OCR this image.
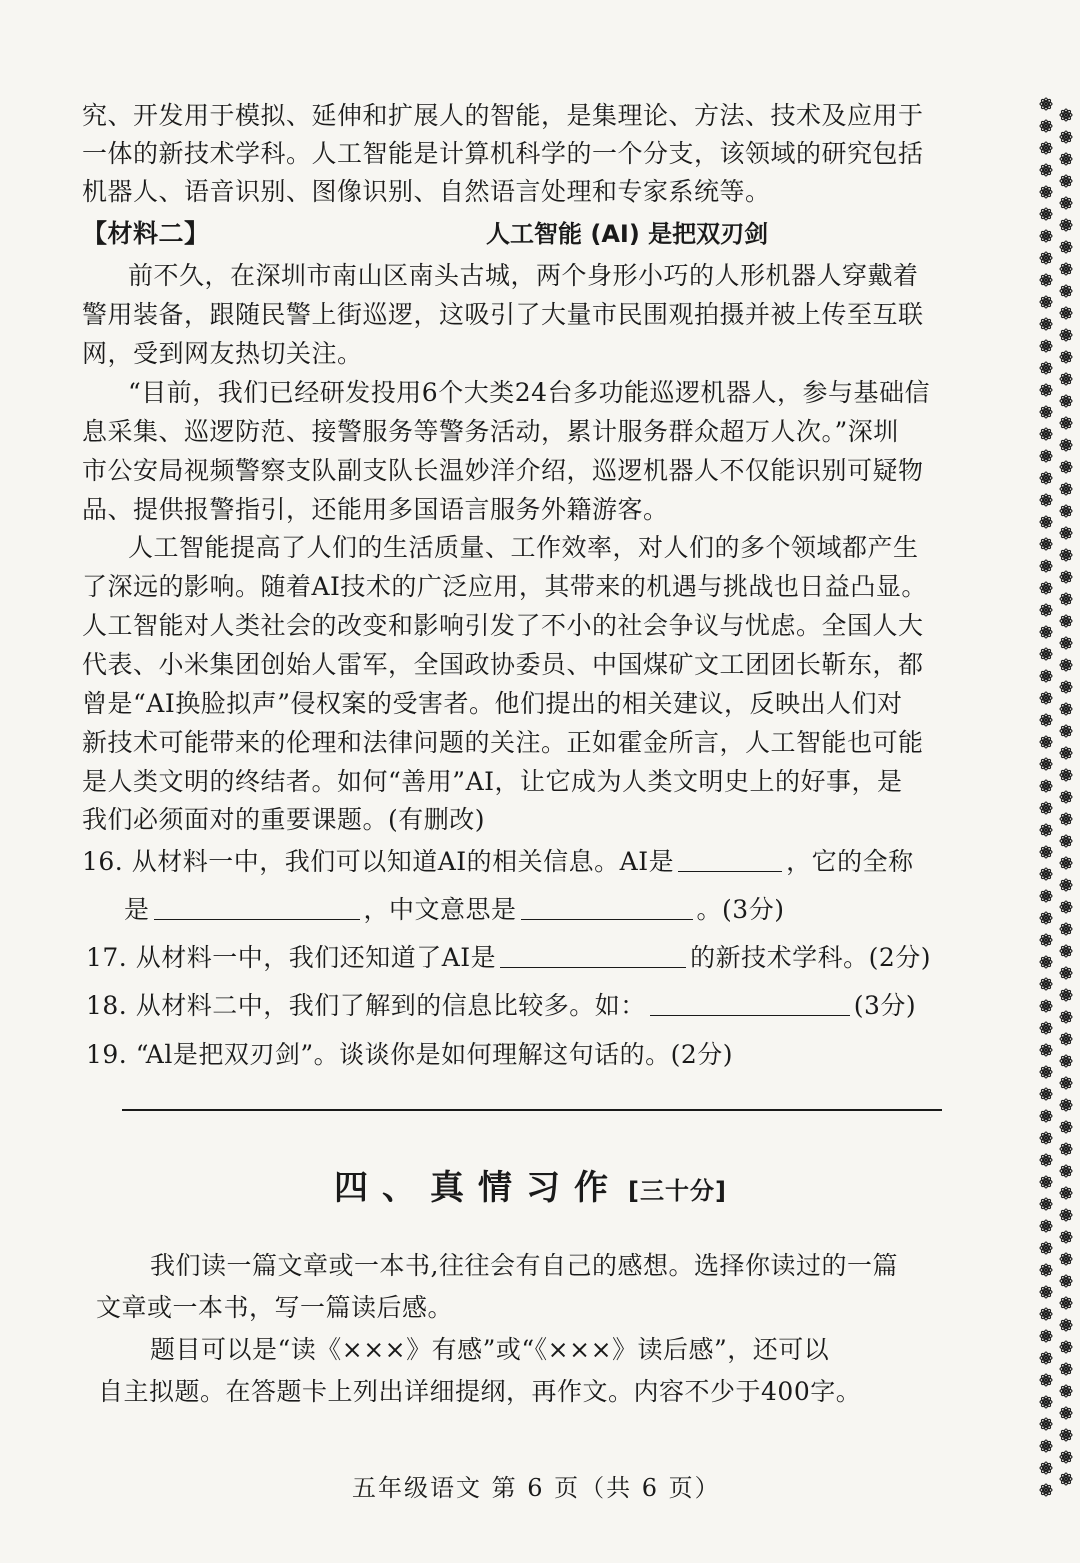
究、开发用于模拟、延伸和扩展人的智能，是集理论、方法、技术及应用于
一体的新技术学科。人工智能是计算机科学的一个分支，该领域的研究包括
机器人、语音识别、图像识别、自然语言处理和专家系统等。
【材料二】	人工智能 (AI) 是把双刃剑
前不久，在深圳市南山区南头古城，两个身形小巧的人形机器人穿戴着
警用装备，跟随民警上街巡逻，这吸引了大量市民围观拍摄并被上传至互联
网，受到网友热切关注。
“目前，我们已经研发投用6个大类24台多功能巡逻机器人，参与基础信
息采集、巡逻防范、接警服务等警务活动，累计服务群众超万人次。”深圳
市公安局视频警察支队副支队长温妙洋介绍，巡逻机器人不仅能识别可疑物
品、提供报警指引，还能用多国语言服务外籍游客。
人工智能提高了人们的生活质量、工作效率，对人们的多个领域都产生
了深远的影响。随着AI技术的广泛应用，其带来的机遇与挑战也日益凸显。
人工智能对人类社会的改变和影响引发了不小的社会争议与忧虑。全国人大
代表、小米集团创始人雷军，全国政协委员、中国煤矿文工团团长靳东，都
曾是“AI换脸拟声”侵权案的受害者。他们提出的相关建议，反映出人们对
新技术可能带来的伦理和法律问题的关注。正如霍金所言，人工智能也可能
是人类文明的终结者。如何“善用”AI，让它成为人类文明史上的好事，是
我们必须面对的重要课题。(有删改)
16. 从材料一中，我们可以知道AI的相关信息。AI是	，它的全称
是	，中文意思是	。(3分)
17. 从材料一中，我们还知道了AI是	的新技术学科。(2分)
18. 从材料二中，我们了解到的信息比较多。如：	(3分)
19. “Al是把双刃剑”。谈谈你是如何理解这句话的。(2分)
四、真情习作 [三十分]
我们读一篇文章或一本书,往往会有自己的感想。选择你读过的一篇
文章或一本书，写一篇读后感。
题目可以是“读《×××》有感”或“《×××》读后感”，还可以
自主拟题。在答题卡上列出详细提纲，再作文。内容不少于400字。
五年级语文 第 6 页（共 6 页）
